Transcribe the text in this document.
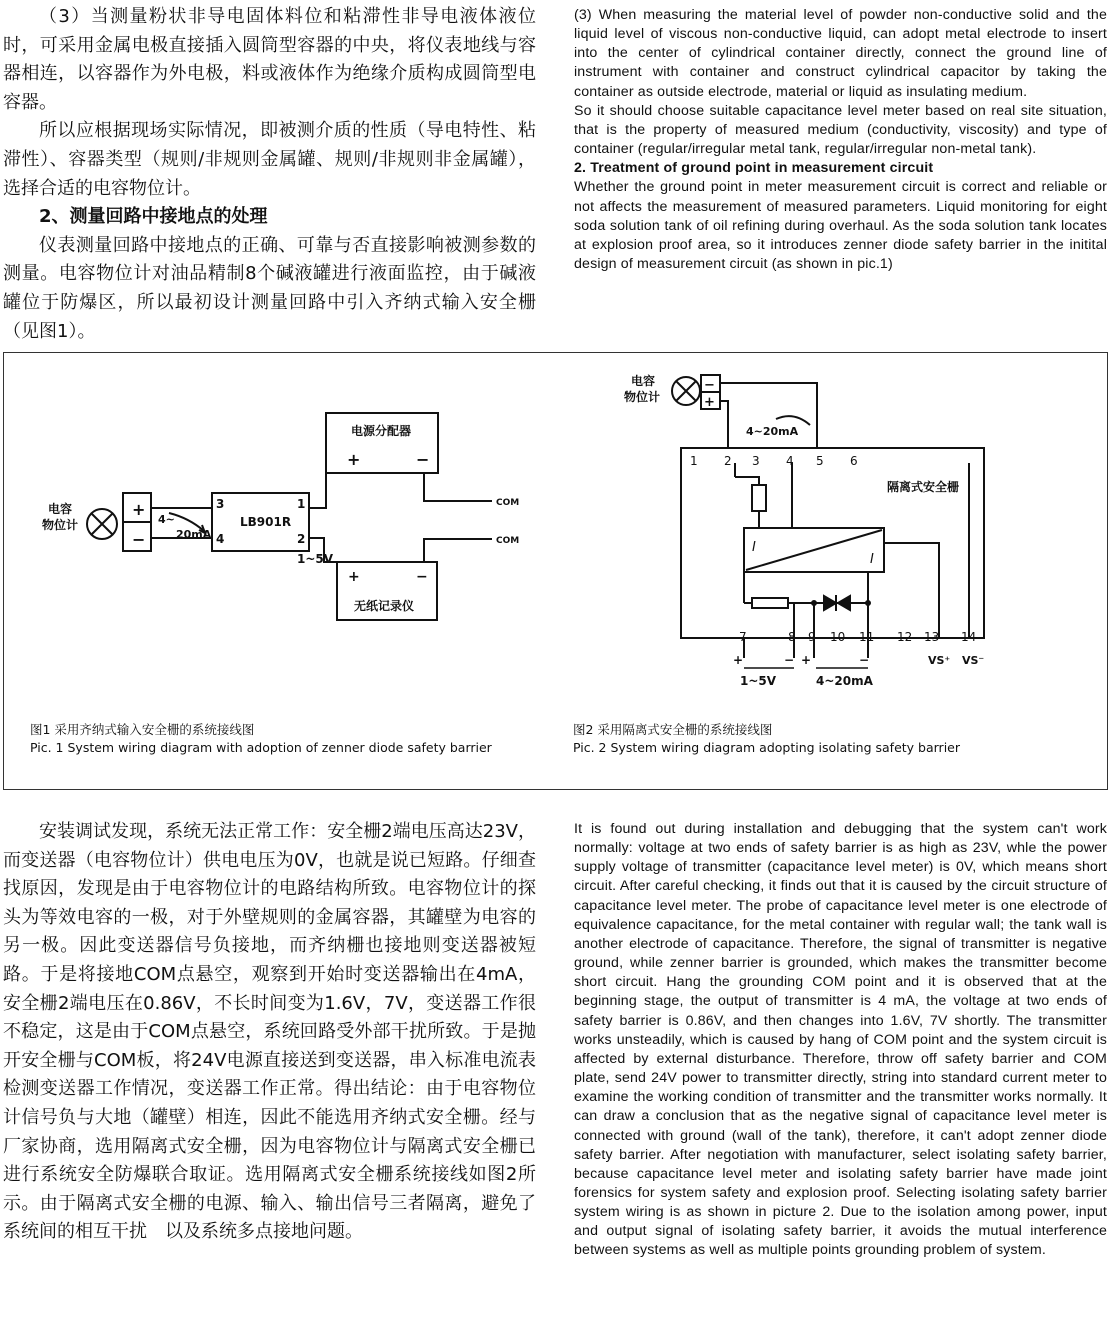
（3）当测量粉状非导电固体料位和粘滞性非导电液体液位时，可采用金属电极直接插入圆筒型容器的中央，将仪表地线与容器相连，以容器作为外电极，料或液体作为绝缘介质构成圆筒型电容器。

所以应根据现场实际情况，即被测介质的性质（导电特性、粘滞性）、容器类型（规则/非规则金属罐、规则/非规则非金属罐），选择合适的电容物位计。

2、测量回路中接地点的处理

仪表测量回路中接地点的正确、可靠与否直接影响被测参数的测量。电容物位计对油品精制8个碱液罐进行液面监控，由于碱液罐位于防爆区，所以最初设计测量回路中引入齐纳式输入安全栅（见图1）。

(3) When measuring the material level of powder non-conductive solid and the liquid level of viscous non-conductive liquid, can adopt metal electrode to insert into the center of cylindrical container directly, connect the ground line of instrument with container and construct cylindrical capacitor by taking the container as outside electrode, material or liquid as insulating medium.

So it should choose suitable capacitance level meter based on real site situation, that is the property of measured medium (conductivity, viscosity) and type of container (regular/irregular metal tank, regular/irregular non-metal tank).

2. Treatment of ground point in measurement circuit

Whether the ground point in meter measurement circuit is correct and reliable or not affects the measurement of measured parameters. Liquid monitoring for eight soda solution tank of oil refining during overhaul. As the soda solution tank locates at explosion proof area, so it introduces zenner diode safety barrier in the initital design of measurement circuit (as shown in pic.1)

电容
物位计
+
−
4~
20mA
LB901R
3
4
1
2
1~5V
电源分配器
+	−
+	−
无纸记录仪
COM
COM
电容
物位计	+
−
4~20mA
1 2 3 4 5 6
隔离式安全栅
I
I
7	8 9 10 11 12 13 14
+	− +	−	VS⁺ VS⁻
1~5V	4~20mA
图1 采用齐纳式输入安全栅的系统接线图
Pic. 1 System wiring diagram with adoption of zenner diode safety barrier
图2 采用隔离式安全栅的系统接线图
Pic. 2 System wiring diagram adopting isolating safety barrier

安装调试发现，系统无法正常工作：安全栅2端电压高达23V，而变送器（电容物位计）供电电压为0V，也就是说已短路。仔细查找原因，发现是由于电容物位计的电路结构所致。电容物位计的探头为等效电容的一极，对于外壁规则的金属容器，其罐壁为电容的另一极。因此变送器信号负接地，而齐纳栅也接地则变送器被短路。于是将接地COM点悬空，观察到开始时变送器输出在4mA，安全栅2端电压在0.86V，不长时间变为1.6V，7V，变送器工作很不稳定，这是由于COM点悬空，系统回路受外部干扰所致。于是抛开安全栅与COM板，将24V电源直接送到变送器，串入标准电流表检测变送器工作情况，变送器工作正常。得出结论：由于电容物位计信号负与大地（罐壁）相连，因此不能选用齐纳式安全栅。经与厂家协商，选用隔离式安全栅，因为电容物位计与隔离式安全栅已进行系统安全防爆联合取证。选用隔离式安全栅系统接线如图2所示。由于隔离式安全栅的电源、输入、输出信号三者隔离，避免了系统间的相互干扰　以及系统多点接地问题。

It is found out during installation and debugging that the system can't work normally: voltage at two ends of safety barrier is as high as 23V, whle the power supply voltage of transmitter (capacitance level meter) is 0V, which means short circuit. After careful checking, it finds out that it is caused by the circuit structure of capacitance level meter. The probe of capacitance level meter is one electrode of equivalence capacitance, for the metal container with regular wall; the tank wall is another electrode of capacitance. Therefore, the signal of transmitter is negative ground, while zenner barrier is grounded, which makes the transmitter become short circuit. Hang the grounding COM point and it is observed that at the beginning stage, the output of transmitter is 4 mA, the voltage at two ends of safety barrier is 0.86V, and then changes into 1.6V, 7V shortly. The transmitter works unsteadily, which is caused by hang of COM point and the system circuit is affected by external disturbance. Therefore, throw off safety barrier and COM plate, send 24V power to transmitter directly, string into standard current meter to examine the working condition of transmitter and the transmitter works normally. It can draw a conclusion that as the negative signal of capacitance level meter is connected with ground (wall of the tank), therefore, it can't adopt zenner diode safety barrier. After negotiation with manufacturer, select isolating safety barrier, because capacitance level meter and isolating safety barrier have made joint forensics for system safety and explosion proof. Selecting isolating safety barrier system wiring is as shown in picture 2. Due to the isolation among power, input and output signal of isolating safety barrier, it avoids the mutual interference between systems as well as multiple points grounding problem of system.
